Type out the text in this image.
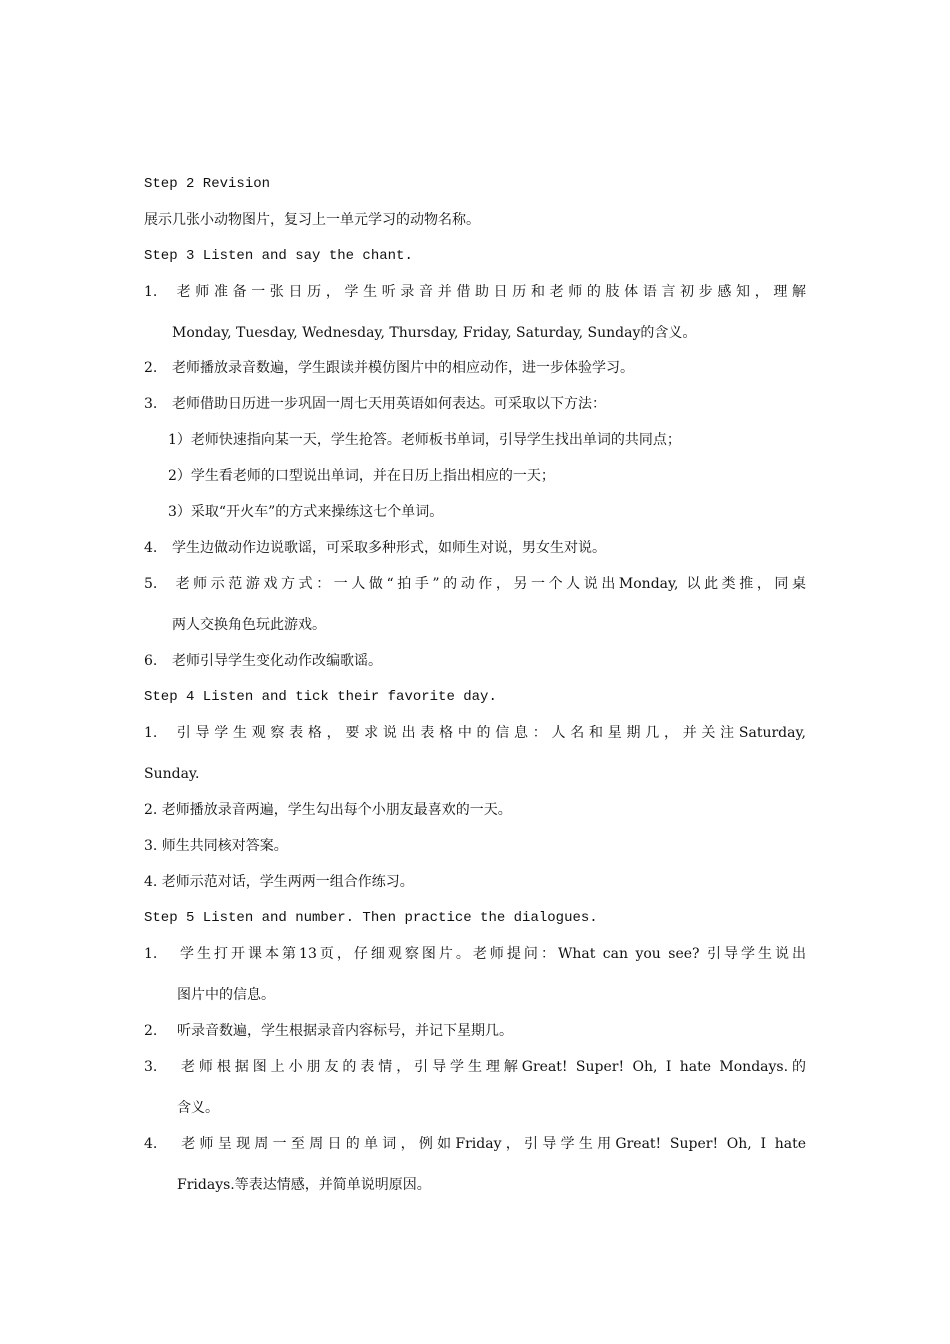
Step 2 Revision
展示几张小动物图片，复习上一单元学习的动物名称。
Step 3 Listen and say the chant.
1. 老师准备一张日历，学生听录音并借助日历和老师的肢体语言初步感知，理解
Monday, Tuesday, Wednesday, Thursday, Friday, Saturday, Sunday的含义。
2. 老师播放录音数遍，学生跟读并模仿图片中的相应动作，进一步体验学习。
3. 老师借助日历进一步巩固一周七天用英语如何表达。可采取以下方法：
1）老师快速指向某一天，学生抢答。老师板书单词，引导学生找出单词的共同点；
2）学生看老师的口型说出单词，并在日历上指出相应的一天；
3）采取“开火车”的方式来操练这七个单词。
4. 学生边做动作边说歌谣，可采取多种形式，如师生对说，男女生对说。
5. 老师示范游戏方式：一人做“拍手”的动作，另一个人说出Monday, 以此类推，同桌
两人交换角色玩此游戏。
6. 老师引导学生变化动作改编歌谣。
Step 4 Listen and tick their favorite day.
1. 引导学生观察表格，要求说出表格中的信息：人名和星期几，并关注Saturday,
Sunday.
2. 老师播放录音两遍，学生勾出每个小朋友最喜欢的一天。
3. 师生共同核对答案。
4. 老师示范对话，学生两两一组合作练习。
Step 5 Listen and number. Then practice the dialogues.
1. 学生打开课本第13页，仔细观察图片。老师提问：What can you see? 引导学生说出
图片中的信息。
2. 听录音数遍，学生根据录音内容标号，并记下星期几。
3. 老师根据图上小朋友的表情，引导学生理解Great! Super! Oh, I hate Mondays.的
含义。
4. 老师呈现周一至周日的单词，例如Friday，引导学生用Great! Super! Oh, I hate
Fridays.等表达情感，并简单说明原因。
